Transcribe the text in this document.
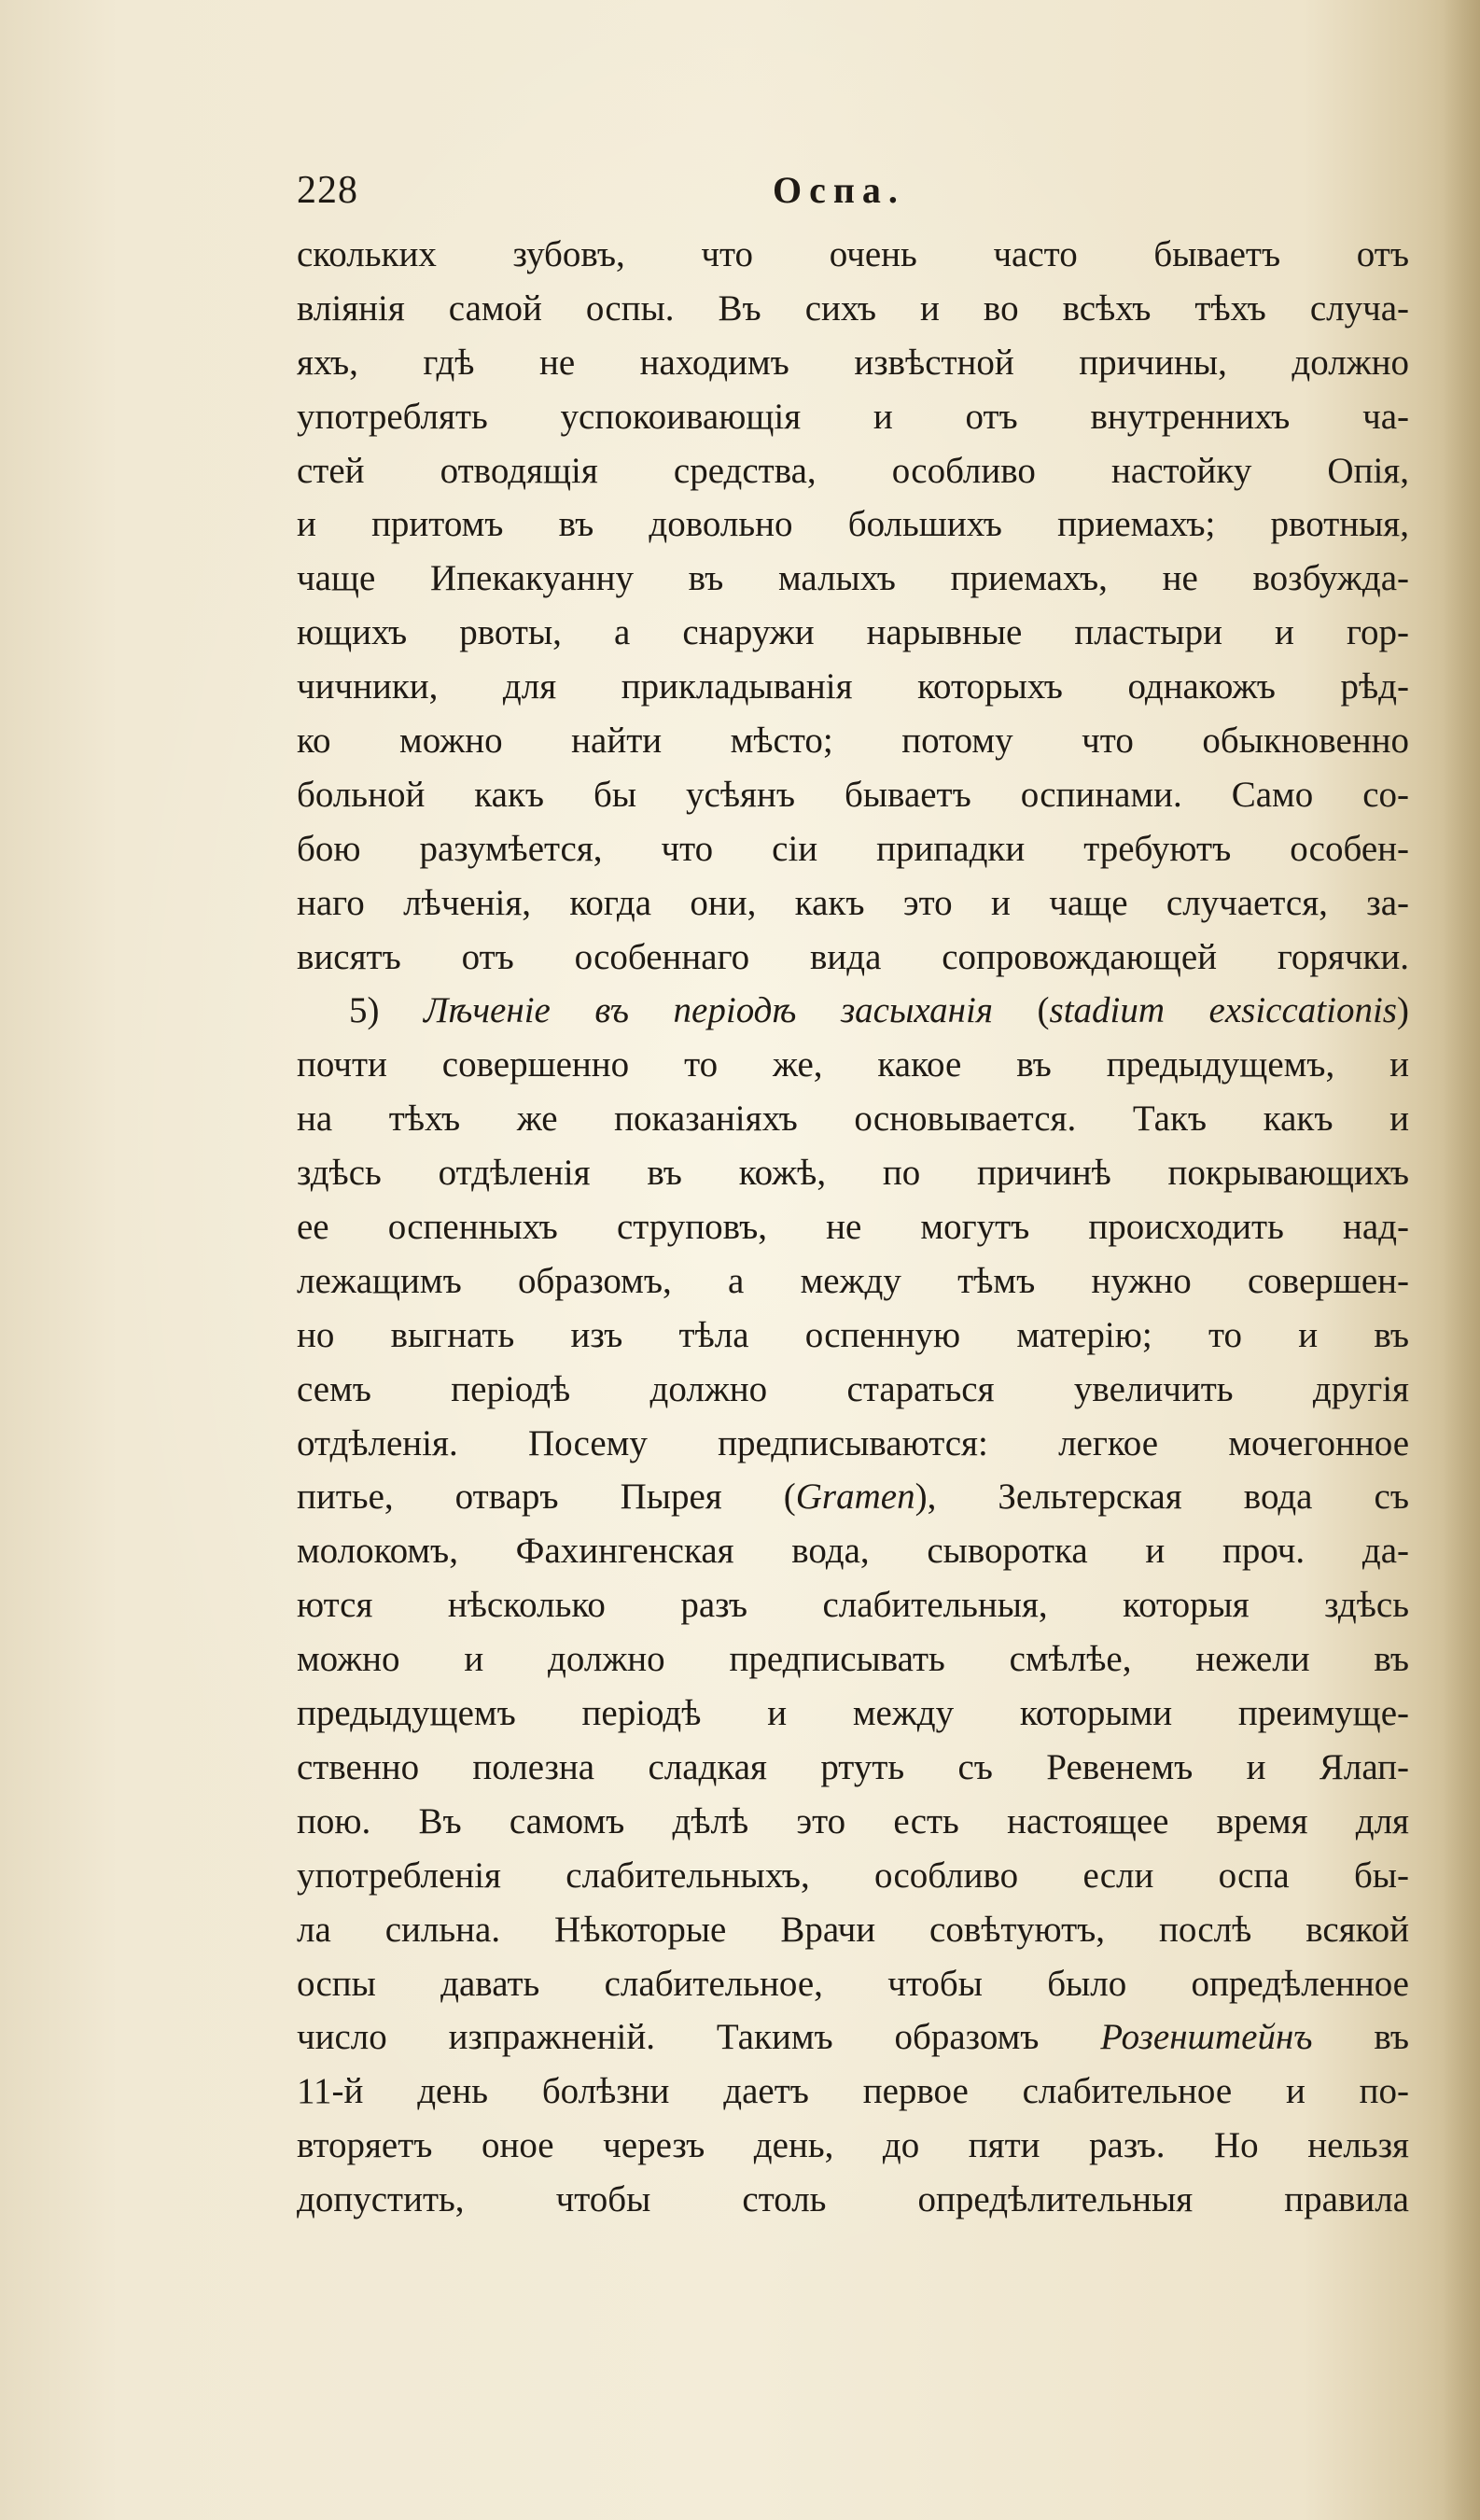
228	Оспа.
скольких зубовъ, что очень часто бываетъ отъ
вліянія самой оспы. Въ сихъ и во всѣхъ тѣхъ случа-
яхъ, гдѣ не находимъ извѣстной причины, должно
употреблять успокоивающія и отъ внутреннихъ ча-
стей отводящія средства, особливо настойку Опія,
и притомъ въ довольно большихъ приемахъ; рвотныя,
чаще Ипекакуанну въ малыхъ приемахъ, не возбужда-
ющихъ рвоты, а снаружи нарывные пластыри и гор-
чичники, для прикладыванія которыхъ однакожъ рѣд-
ко можно найти мѣсто; потому что обыкновенно
больной какъ бы усѣянъ бываетъ оспинами. Само со-
бою разумѣется, что сіи припадки требуютъ особен-
наго лѣченія, когда они, какъ это и чаще случается, за-
висятъ отъ особеннаго вида сопровождающей горячки.
5) Лѣченіе въ періодѣ засыханія (stadium exsiccationis)
почти совершенно то же, какое въ предыдущемъ, и
на тѣхъ же показаніяхъ основывается. Такъ какъ и
здѣсь отдѣленія въ кожѣ, по причинѣ покрывающихъ
ее оспенныхъ струповъ, не могутъ происходить над-
лежащимъ образомъ, а между тѣмъ нужно совершен-
но выгнать изъ тѣла оспенную матерію; то и въ
семъ періодѣ должно стараться увеличить другія
отдѣленія. Посему предписываются: легкое мочегонное
питье, отваръ Пырея (Gramen), Зельтерская вода съ
молокомъ, Фахингенская вода, сыворотка и проч. да-
ются нѣсколько разъ слабительныя, которыя здѣсь
можно и должно предписывать смѣлѣе, нежели въ
предыдущемъ періодѣ и между которыми преимуще-
ственно полезна сладкая ртуть съ Ревенемъ и Ялап-
пою. Въ самомъ дѣлѣ это есть настоящее время для
употребленія слабительныхъ, особливо если оспа бы-
ла сильна. Нѣкоторые Врачи совѣтуютъ, послѣ всякой
оспы давать слабительное, чтобы было опредѣленное
число изпражненій. Такимъ образомъ Розенштейнъ въ
11-й день болѣзни даетъ первое слабительное и по-
вторяетъ оное черезъ день, до пяти разъ. Но нельзя
допустить, чтобы столь опредѣлительныя правила
